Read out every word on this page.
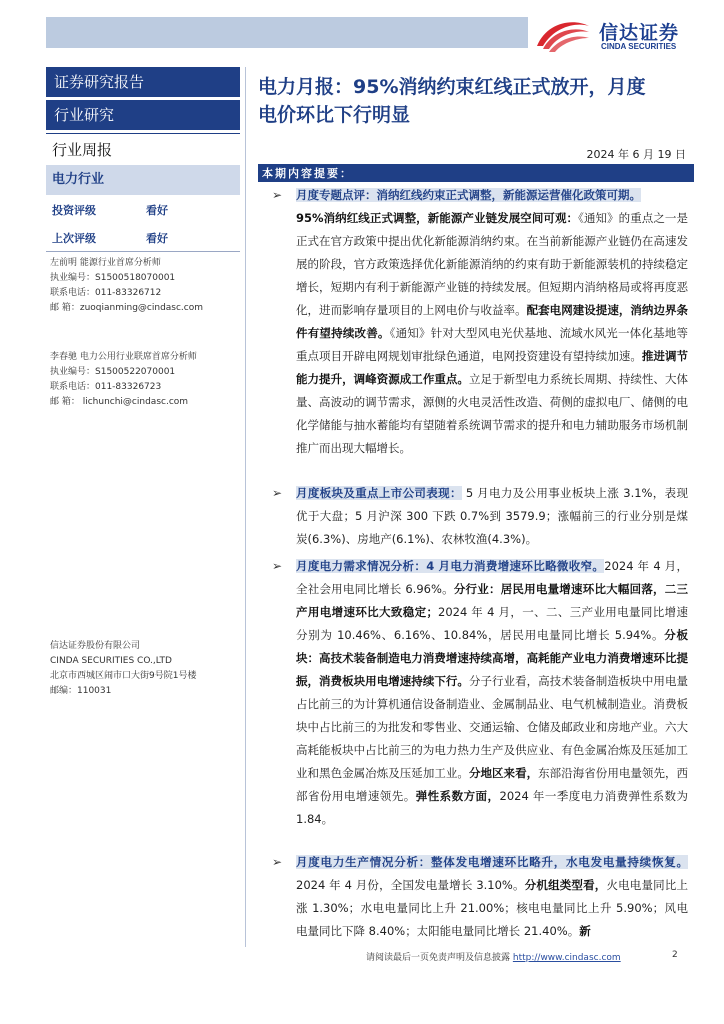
信达证券
CINDA SECURITIES
证券研究报告
行业研究
行业周报
电力行业
投资评级	看好
上次评级	看好
左前明 能源行业首席分析师
执业编号：S1500518070001
联系电话：011-83326712
邮 箱：zuoqianming@cindasc.com
李春驰 电力公用行业联席首席分析师
执业编号：S1500522070001
联系电话：011-83326723
邮 箱： lichunchi@cindasc.com
信达证券股份有限公司
CINDA SECURITIES CO.,LTD
北京市西城区闹市口大街9号院1号楼
邮编：110031
电力月报：95%消纳约束红线正式放开，月度
电价环比下行明显
2024 年 6 月 19 日
本期内容提要：
➢	月度专题点评：消纳红线约束正式调整，新能源运营催化政策可期。
95%消纳红线正式调整，新能源产业链发展空间可观：《通知》的重点之一是正式在官方政策中提出优化新能源消纳约束。在当前新能源产业链仍在高速发展的阶段，官方政策选择优化新能源消纳的约束有助于新能源装机的持续稳定增长，短期内有利于新能源产业链的持续发展。但短期内消纳格局或将再度恶化，进而影响存量项目的上网电价与收益率。配套电网建设提速，消纳边界条件有望持续改善。《通知》针对大型风电光伏基地、流域水风光一体化基地等重点项目开辟电网规划审批绿色通道，电网投资建设有望持续加速。推进调节能力提升，调峰资源成工作重点。立足于新型电力系统长周期、持续性、大体量、高波动的调节需求，源侧的火电灵活性改造、荷侧的虚拟电厂、储侧的电化学储能与抽水蓄能均有望随着系统调节需求的提升和电力辅助服务市场机制推广而出现大幅增长。
➢	月度板块及重点上市公司表现： 5 月电力及公用事业板块上涨 3.1%，表现优于大盘；5 月沪深 300 下跌 0.7%到 3579.9；涨幅前三的行业分别是煤炭(6.3%)、房地产(6.1%)、农林牧渔(4.3%)。
➢	月度电力需求情况分析：4 月电力消费增速环比略微收窄。2024 年 4 月，全社会用电同比增长 6.96%。分行业：居民用电量增速环比大幅回落，二三产用电增速环比大致稳定；2024 年 4 月，一、二、三产业用电量同比增速分别为 10.46%、6.16%、10.84%，居民用电量同比增长 5.94%。分板块：高技术装备制造电力消费增速持续高增，高耗能产业电力消费增速环比提振，消费板块用电增速持续下行。分子行业看，高技术装备制造板块中用电量占比前三的为计算机通信设备制造业、金属制品业、电气机械制造业。消费板块中占比前三的为批发和零售业、交通运输、仓储及邮政业和房地产业。六大高耗能板块中占比前三的为电力热力生产及供应业、有色金属冶炼及压延加工业和黑色金属冶炼及压延加工业。分地区来看，东部沿海省份用电量领先，西部省份用电增速领先。弹性系数方面，2024 年一季度电力消费弹性系数为 1.84。
➢	月度电力生产情况分析：整体发电增速环比略升，水电发电量持续恢复。2024 年 4 月份，全国发电量增长 3.10%。分机组类型看，火电电量同比上涨 1.30%；水电电量同比上升 21.00%；核电电量同比上升 5.90%；风电电量同比下降 8.40%；太阳能电量同比增长 21.40%。新
请阅读最后一页免责声明及信息披露 http://www.cindasc.com	2
